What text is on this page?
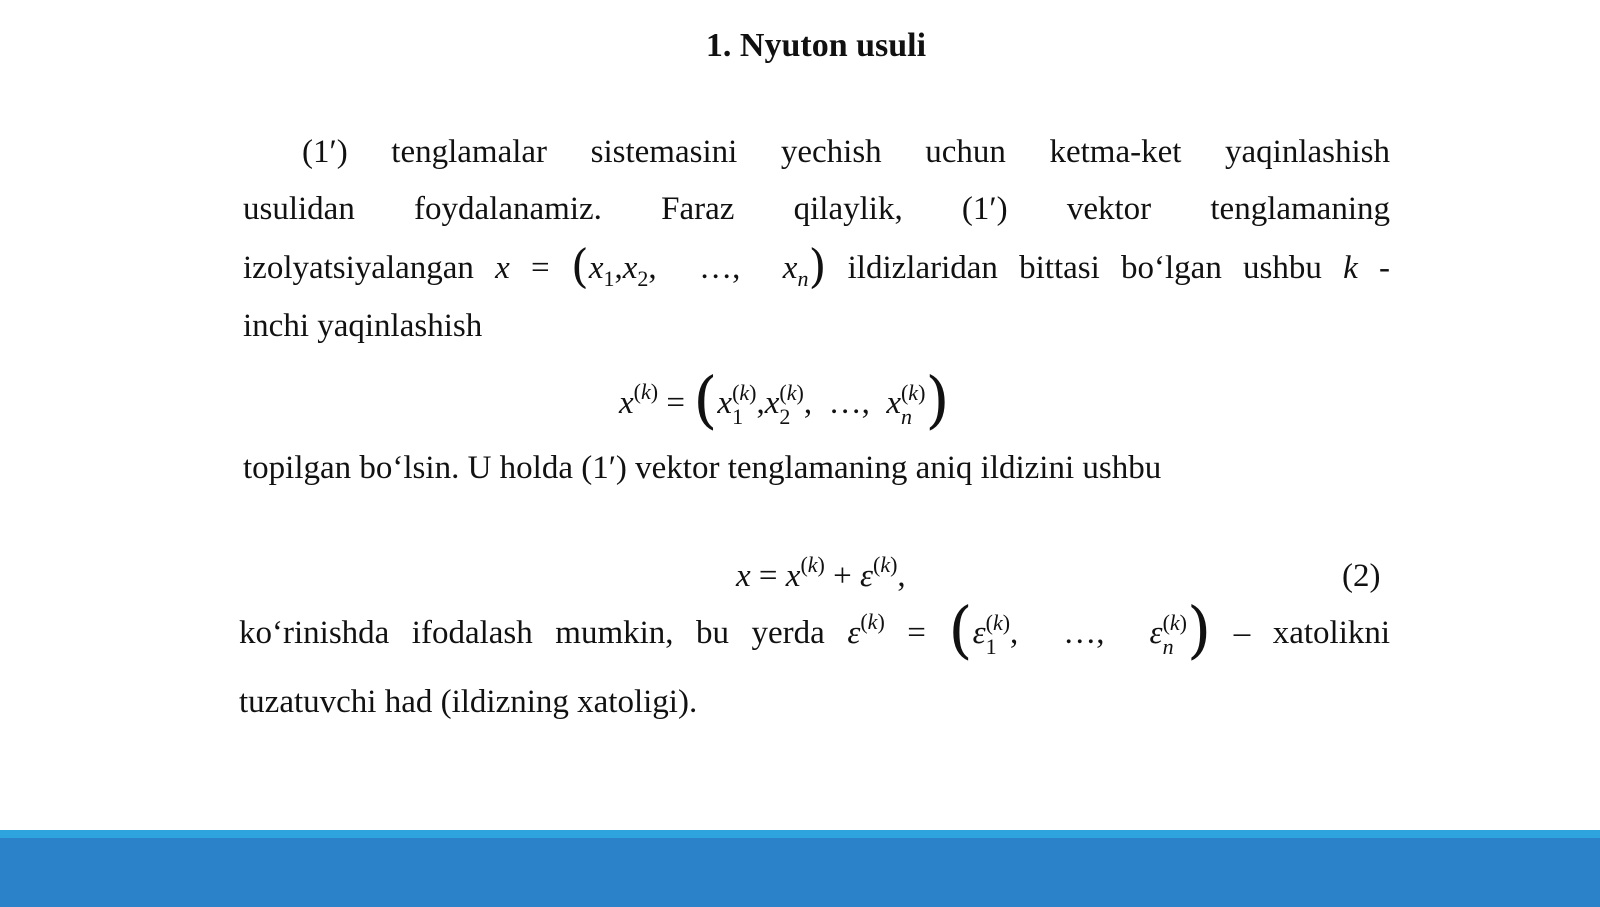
1. Nyuton usuli
(1′) tenglamalar sistemasini yechish uchun ketma-ket yaqinlashish
usulidan foydalanamiz. Faraz qilaylik, (1′) vektor tenglamaning
izolyatsiyalangan $x = (x_1,x_2$,  …,  $x_n$) ildizlaridan bittasi bo‘lgan ushbu k -
inchi yaqinlashish
$x^{(k)} = (x$ (k)
1 ,x (k)
2 ,  …,  x (k)
n )
topilgan bo‘lsin. U holda (1′) vektor tenglamaning aniq ildizini ushbu
$x = x^{(k)} + \varepsilon^{(k)}$,	(2)
ko‘rinishda ifodalash mumkin, bu yerda $\varepsilon^{(k)} = (\varepsilon$ (k)
1 ,  …,  ε (k)
n ) – xatolikni
tuzatuvchi had (ildizning xatoligi).
